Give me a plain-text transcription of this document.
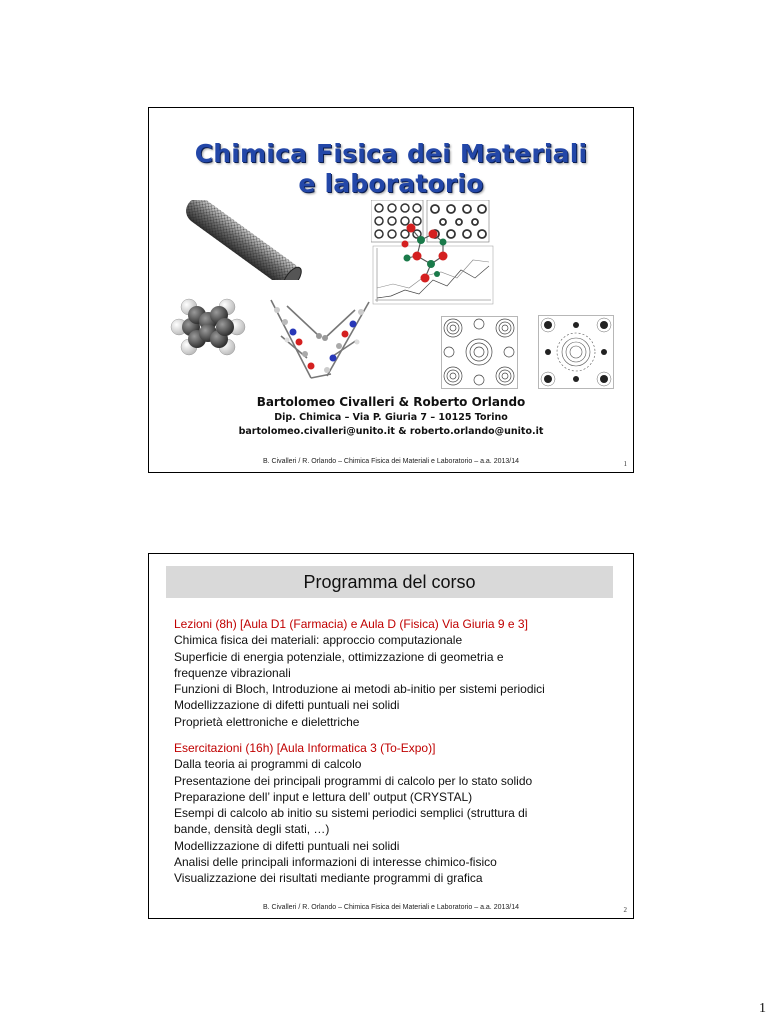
Chimica Fisica dei Materiali
e laboratorio
Bartolomeo Civalleri & Roberto Orlando
Dip. Chimica – Via P. Giuria 7 – 10125 Torino
bartolomeo.civalleri@unito.it & roberto.orlando@unito.it
B. Civalleri / R. Orlando – Chimica Fisica dei Materiali e Laboratorio – a.a. 2013/14	1
Programma del corso
Lezioni (8h) [Aula D1 (Farmacia) e Aula D (Fisica) Via Giuria 9 e 3]
Chimica fisica dei materiali: approccio computazionale
Superficie di energia potenziale, ottimizzazione di geometria e
frequenze vibrazionali
Funzioni di Bloch, Introduzione ai metodi ab-initio per sistemi periodici
Modellizzazione di difetti puntuali nei solidi
Proprietà elettroniche e dielettriche
Esercitazioni (16h) [Aula Informatica 3 (To-Expo)]
Dalla teoria ai programmi di calcolo
Presentazione dei principali programmi di calcolo per lo stato solido
Preparazione dell’ input e lettura dell’ output (CRYSTAL)
Esempi di calcolo ab initio su sistemi periodici semplici (struttura di
bande, densità degli stati, …)
Modellizzazione di difetti puntuali nei solidi
Analisi delle principali informazioni di interesse chimico-fisico
Visualizzazione dei risultati mediante programmi di grafica
B. Civalleri / R. Orlando – Chimica Fisica dei Materiali e Laboratorio – a.a. 2013/14	2
1
